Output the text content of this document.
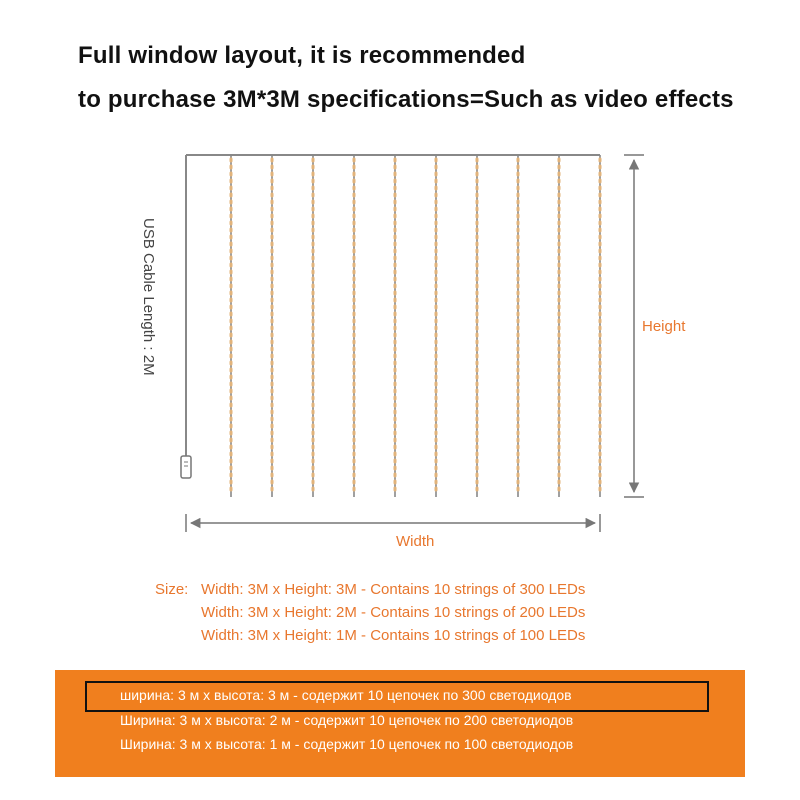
Full window layout, it is recommended
to purchase 3M*3M specifications=Such as video effects
USB Cable Length : 2M	Height
Width
Size: Width: 3M x Height: 3M - Contains 10 strings of 300 LEDs
Width: 3M x Height: 2M - Contains 10 strings of 200 LEDs
Width: 3M x Height: 1M - Contains 10 strings of 100 LEDs
ширина: 3 м х высота: 3 м - содержит 10 цепочек по 300 светодиодов
Ширина: 3 м х высота: 2 м - содержит 10 цепочек по 200 светодиодов
Ширина: 3 м х высота: 1 м - содержит 10 цепочек по 100 светодиодов
